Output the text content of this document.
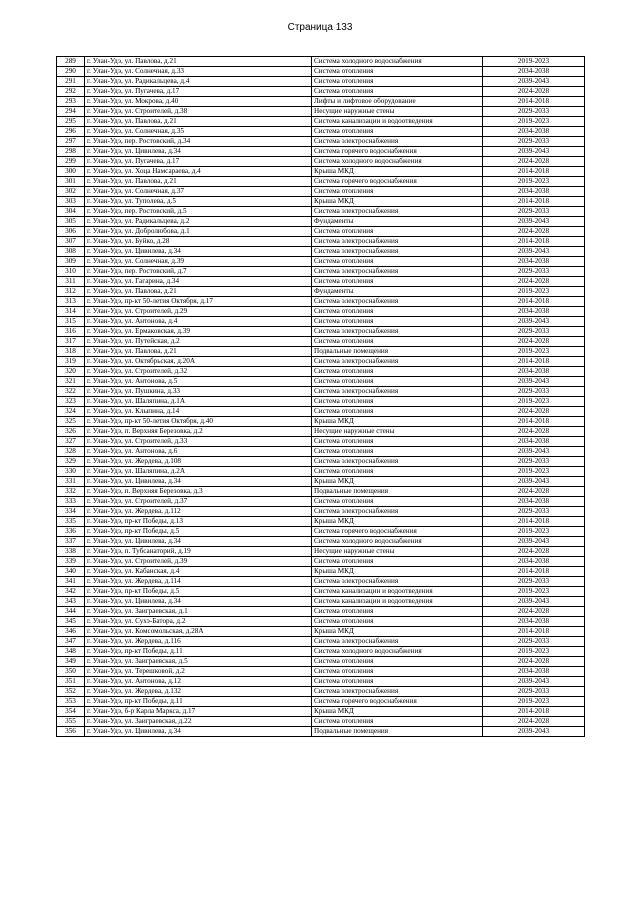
Страница 133
289	г. Улан-Удэ, ул. Павлова, д.21	Система холодного водоснабжения	2019-2023
290	г. Улан-Удэ, ул. Солнечная, д.33	Система отопления	2034-2038
291	г. Улан-Удэ, ул. Радикальцева, д.4	Система отопления	2039-2043
292	г. Улан-Удэ, ул. Пугачева, д.17	Система отопления	2024-2028
293	г. Улан-Удэ, ул. Мокрова, д.40	Лифты и лифтовое оборудование	2014-2018
294	г. Улан-Удэ, ул. Строителей, д.38	Несущие наружные стены	2029-2033
295	г. Улан-Удэ, ул. Павлова, д.21	Система канализации и водоотведения	2019-2023
296	г. Улан-Удэ, ул. Солнечная, д.35	Система отопления	2034-2038
297	г. Улан-Удэ, пер. Ростовский, д.34	Система электроснабжения	2029-2033
298	г. Улан-Удэ, ул. Цивилева, д.34	Система горячего водоснабжения	2039-2043
299	г. Улан-Удэ, ул. Пугачева, д.17	Система холодного водоснабжения	2024-2028
300	г. Улан-Удэ, ул. Хоца Намсараева, д.4	Крыша МКД	2014-2018
301	г. Улан-Удэ, ул. Павлова, д.21	Система горячего водоснабжения	2019-2023
302	г. Улан-Удэ, ул. Солнечная, д.37	Система отопления	2034-2038
303	г. Улан-Удэ, ул. Туполева, д.5	Крыша МКД	2014-2018
304	г. Улан-Удэ, пер. Ростовский, д.5	Система электроснабжения	2029-2033
305	г. Улан-Удэ, ул. Радикальцева, д.2	Фундаменты	2039-2043
306	г. Улан-Удэ, ул. Добролюбова, д.1	Система отопления	2024-2028
307	г. Улан-Удэ, ул. Буйко, д.28	Система электроснабжения	2014-2018
308	г. Улан-Удэ, ул. Цивилева, д.34	Система электроснабжения	2039-2043
309	г. Улан-Удэ, ул. Солнечная, д.39	Система отопления	2034-2038
310	г. Улан-Удэ, пер. Ростовский, д.7	Система электроснабжения	2029-2033
311	г. Улан-Удэ, ул. Гагарина, д.34	Система отопления	2024-2028
312	г. Улан-Удэ, ул. Павлова, д.21	Фундаменты	2019-2023
313	г. Улан-Удэ, пр-кт 50-летия Октября, д.17	Система электроснабжения	2014-2018
314	г. Улан-Удэ, ул. Строителей, д.29	Система отопления	2034-2038
315	г. Улан-Удэ, ул. Антонова, д.4	Система отопления	2039-2043
316	г. Улан-Удэ, ул. Ермаковская, д.39	Система электроснабжения	2029-2033
317	г. Улан-Удэ, ул. Путейская, д.2	Система отопления	2024-2028
318	г. Улан-Удэ, ул. Павлова, д.21	Подвальные помещения	2019-2023
319	г. Улан-Удэ, ул. Октябрьская, д.20А	Система электроснабжения	2014-2018
320	г. Улан-Удэ, ул. Строителей, д.32	Система отопления	2034-2038
321	г. Улан-Удэ, ул. Антонова, д.5	Система отопления	2039-2043
322	г. Улан-Удэ, ул. Пушкина, д.33	Система электроснабжения	2029-2033
323	г. Улан-Удэ, ул. Шаляпина, д.1А	Система отопления	2019-2023
324	г. Улан-Удэ, ул. Клыпина, д.14	Система отопления	2024-2028
325	г. Улан-Удэ, пр-кт 50-летия Октября, д.40	Крыша МКД	2014-2018
326	г. Улан-Удэ, п. Верхняя Березовка, д.2	Несущие наружные стены	2024-2028
327	г. Улан-Удэ, ул. Строителей, д.33	Система отопления	2034-2038
328	г. Улан-Удэ, ул. Антонова, д.6	Система отопления	2039-2043
329	г. Улан-Удэ, ул. Жердева, д.108	Система электроснабжения	2029-2033
330	г. Улан-Удэ, ул. Шаляпина, д.2А	Система отопления	2019-2023
331	г. Улан-Удэ, ул. Цивилева, д.34	Крыша МКД	2039-2043
332	г. Улан-Удэ, п. Верхняя Березовка, д.3	Подвальные помещения	2024-2028
333	г. Улан-Удэ, ул. Строителей, д.37	Система отопления	2034-2038
334	г. Улан-Удэ, ул. Жердева, д.112	Система электроснабжения	2029-2033
335	г. Улан-Удэ, пр-кт Победы, д.13	Крыша МКД	2014-2018
336	г. Улан-Удэ, пр-кт Победы, д.5	Система горячего водоснабжения	2019-2023
337	г. Улан-Удэ, ул. Цивилева, д.34	Система холодного водоснабжения	2039-2043
338	г. Улан-Удэ, п. Тубсанаторий, д.19	Несущие наружные стены	2024-2028
339	г. Улан-Удэ, ул. Строителей, д.39	Система отопления	2034-2038
340	г. Улан-Удэ, ул. Кабанская, д.4	Крыша МКД	2014-2018
341	г. Улан-Удэ, ул. Жердева, д.114	Система электроснабжения	2029-2033
342	г. Улан-Удэ, пр-кт Победы, д.5	Система канализации и водоотведения	2019-2023
343	г. Улан-Удэ, ул. Цивилева, д.34	Система канализации и водоотведения	2039-2043
344	г. Улан-Удэ, ул. Заиграевская, д.1	Система отопления	2024-2028
345	г. Улан-Удэ, ул. Сухэ-Батора, д.2	Система отопления	2034-2038
346	г. Улан-Удэ, ул. Комсомольская, д.28А	Крыша МКД	2014-2018
347	г. Улан-Удэ, ул. Жердева, д.116	Система электроснабжения	2029-2033
348	г. Улан-Удэ, пр-кт Победы, д.11	Система холодного водоснабжения	2019-2023
349	г. Улан-Удэ, ул. Заиграевская, д.5	Система отопления	2024-2028
350	г. Улан-Удэ, ул. Терешковой, д.2	Система отопления	2034-2038
351	г. Улан-Удэ, ул. Антонова, д.12	Система отопления	2039-2043
352	г. Улан-Удэ, ул. Жердева, д.132	Система электроснабжения	2029-2033
353	г. Улан-Удэ, пр-кт Победы, д.11	Система горячего водоснабжения	2019-2023
354	г. Улан-Удэ, б-р Карла Маркса, д.17	Крыша МКД	2014-2018
355	г. Улан-Удэ, ул. Заиграевская, д.22	Система отопления	2024-2028
356	г. Улан-Удэ, ул. Цивилева, д.34	Подвальные помещения	2039-2043
